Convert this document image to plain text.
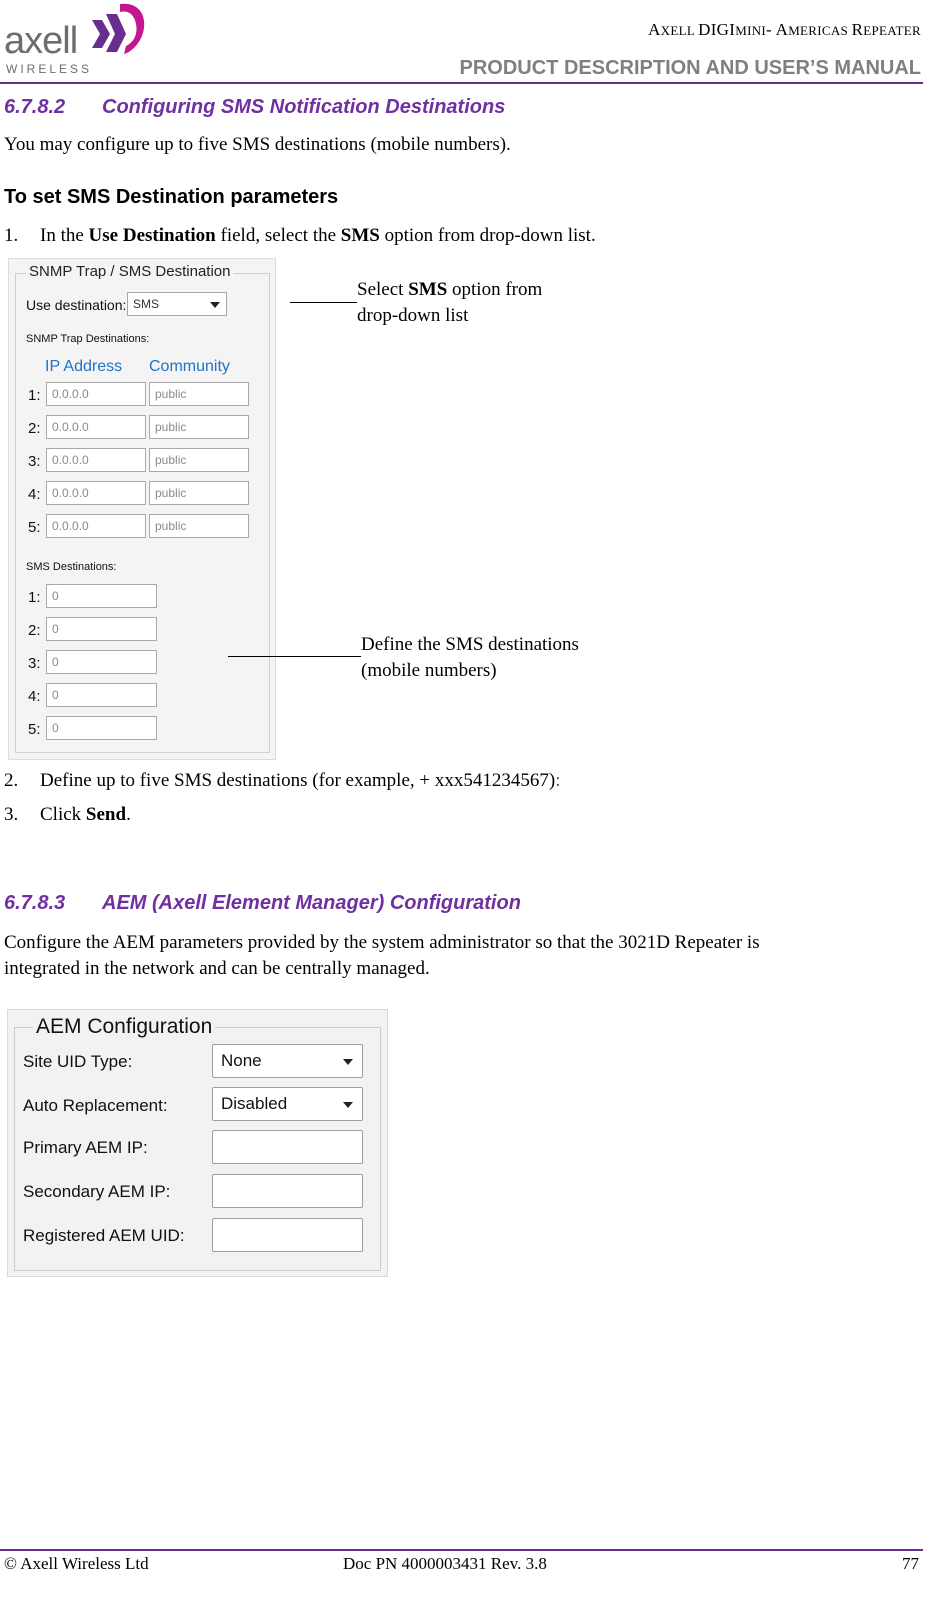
axell
WIRELESS
AXELL DIGIMINI- AMERICAS REPEATER
PRODUCT DESCRIPTION AND USER’S MANUAL
6.7.8.2 Configuring SMS Notification Destinations
You may configure up to five SMS destinations (mobile numbers).
To set SMS Destination parameters
1. In the Use Destination field, select the SMS option from drop-down list.
SNMP Trap / SMS Destination
Use destination: SMS
SNMP Trap Destinations:
IP Address Community
1: 0.0.0.0	public
2: 0.0.0.0	public
3: 0.0.0.0	public
4: 0.0.0.0	public
5: 0.0.0.0	public
SMS Destinations:
1: 0
2: 0
3: 0
4: 0
5: 0
Select SMS option from
drop-down list
Define the SMS destinations
(mobile numbers)
2. Define up to five SMS destinations (for example, + xxx541234567):
3. Click Send.
6.7.8.3 AEM (Axell Element Manager) Configuration
Configure the AEM parameters provided by the system administrator so that the 3021D Repeater is
integrated in the network and can be centrally managed.
AEM Configuration
Site UID Type:	None
Auto Replacement:	Disabled
Primary AEM IP:
Secondary AEM IP:
Registered AEM UID:
© Axell Wireless Ltd	Doc PN 4000003431 Rev. 3.8	77
